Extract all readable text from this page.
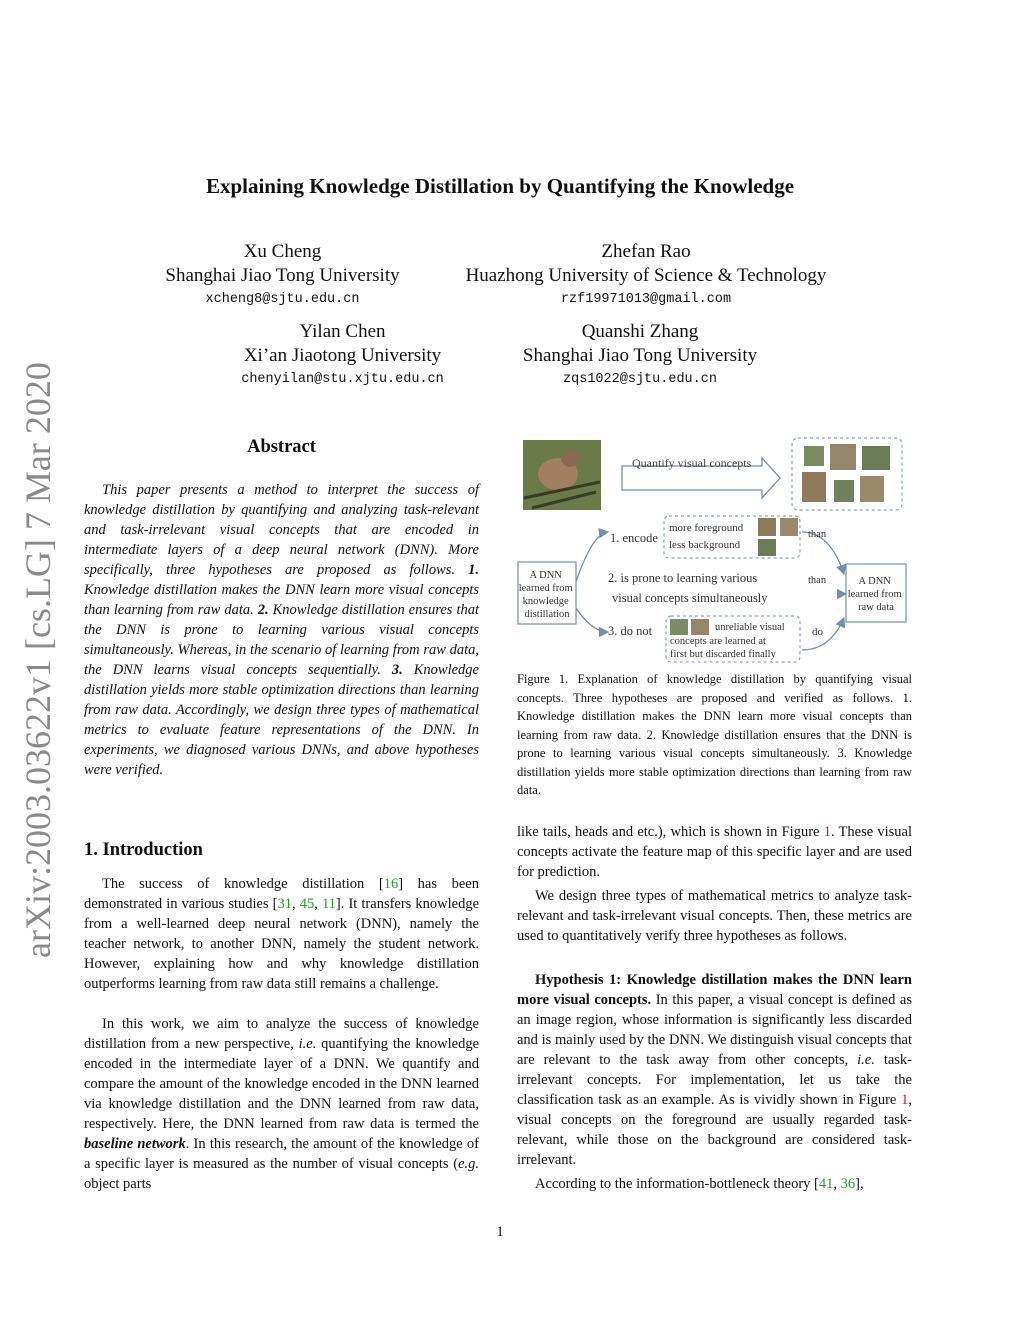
arXiv:2003.03622v1 [cs.LG] 7 Mar 2020
Explaining Knowledge Distillation by Quantifying the Knowledge
Xu Cheng
Shanghai Jiao Tong University
xcheng8@sjtu.edu.cn
Zhefan Rao
Huazhong University of Science & Technology
rzf19971013@gmail.com
Yilan Chen
Xi’an Jiaotong University
chenyilan@stu.xjtu.edu.cn
Quanshi Zhang
Shanghai Jiao Tong University
zqs1022@sjtu.edu.cn
Abstract

This paper presents a method to interpret the success of knowledge distillation by quantifying and analyzing task-relevant and task-irrelevant visual concepts that are encoded in intermediate layers of a deep neural network (DNN). More specifically, three hypotheses are proposed as follows. 1. Knowledge distillation makes the DNN learn more visual concepts than learning from raw data. 2. Knowledge distillation ensures that the DNN is prone to learning various visual concepts simultaneously. Whereas, in the scenario of learning from raw data, the DNN learns visual concepts sequentially. 3. Knowledge distillation yields more stable optimization directions than learning from raw data. Accordingly, we design three types of mathematical metrics to evaluate feature representations of the DNN. In experiments, we diagnosed various DNNs, and above hypotheses were verified.

1. Introduction

The success of knowledge distillation [16] has been demonstrated in various studies [31, 45, 11]. It transfers knowledge from a well-learned deep neural network (DNN), namely the teacher network, to another DNN, namely the student network. However, explaining how and why knowledge distillation outperforms learning from raw data still remains a challenge.

In this work, we aim to analyze the success of knowledge distillation from a new perspective, i.e. quantifying the knowledge encoded in the intermediate layer of a DNN. We quantify and compare the amount of the knowledge encoded in the DNN learned via knowledge distillation and the DNN learned from raw data, respectively. Here, the DNN learned from raw data is termed the baseline network. In this research, the amount of the knowledge of a specific layer is measured as the number of visual concepts (e.g. object parts

Quantify visual concepts
A DNN learned from knowledge distillation
A DNN learned from raw data
1. encode
more foreground less background
than
2. is prone to learning various visual concepts simultaneously
than
3. do not	unreliable visual concepts are learned at first but discarded finally
do

Figure 1. Explanation of knowledge distillation by quantifying visual concepts. Three hypotheses are proposed and verified as follows. 1. Knowledge distillation makes the DNN learn more visual concepts than learning from raw data. 2. Knowledge distillation ensures that the DNN is prone to learning various visual concepts simultaneously. 3. Knowledge distillation yields more stable optimization directions than learning from raw data.

like tails, heads and etc.), which is shown in Figure 1. These visual concepts activate the feature map of this specific layer and are used for prediction.

We design three types of mathematical metrics to analyze task-relevant and task-irrelevant visual concepts. Then, these metrics are used to quantitatively verify three hypotheses as follows.

Hypothesis 1: Knowledge distillation makes the DNN learn more visual concepts. In this paper, a visual concept is defined as an image region, whose information is significantly less discarded and is mainly used by the DNN. We distinguish visual concepts that are relevant to the task away from other concepts, i.e. task-irrelevant concepts. For implementation, let us take the classification task as an example. As is vividly shown in Figure 1, visual concepts on the foreground are usually regarded task-relevant, while those on the background are considered task-irrelevant.

According to the information-bottleneck theory [41, 36],

1
